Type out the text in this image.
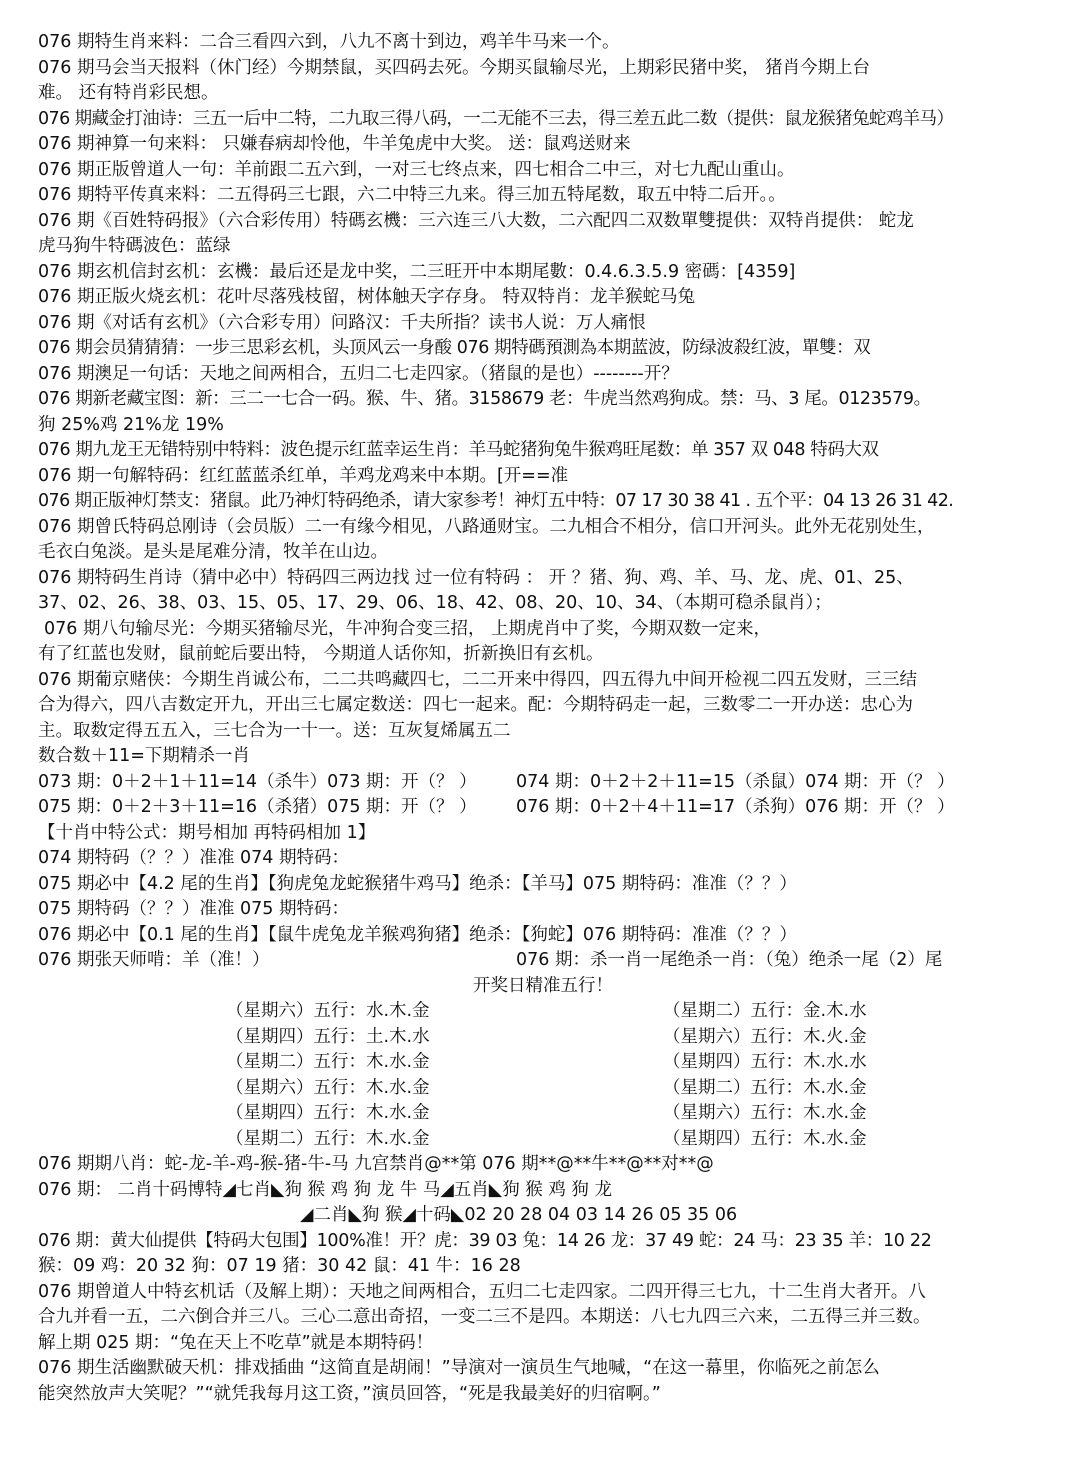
076 期特生肖来料：二合三看四六到，八九不离十到边，鸡羊牛马来一个。
076 期马会当天报料（休门经）今期禁鼠，买四码去死。今期买鼠输尽光，上期彩民猪中奖， 猪肖今期上台
难。 还有特肖彩民想。
076 期藏金打油诗：三五一后中二特，二九取三得八码，一二无能不三去，得三差五此二数（提供：鼠龙猴猪兔蛇鸡羊马）
076 期神算一句来料： 只嫌春病却怜他，牛羊兔虎中大奖。 送：鼠鸡送财来
076 期正版曾道人一句：羊前跟二五六到，一对三七终点来，四七相合二中三，对七九配山重山。
076 期特平传真来料：二五得码三七跟，六二中特三九来。得三加五特尾数，取五中特二后开。。
076 期《百姓特码报》（六合彩传用）特碼玄機：三六连三八大数，二六配四二双数單雙提供：双特肖提供： 蛇龙
虎马狗牛特碼波色：蓝绿
076 期玄机信封玄机：玄機：最后还是龙中奖，二三旺开中本期尾數：0.4.6.3.5.9 密碼：[4359]
076 期正版火烧玄机：花叶尽落残枝留，树体触天字存身。 特双特肖：龙羊猴蛇马兔
076 期《对话有玄机》（六合彩专用）问路汉：千夫所指？读书人说：万人痛恨
076 期会员猜猜猜：一步三思彩玄机，头顶风云一身酸 076 期特碼預測為本期蓝波，防绿波殺红波，單雙：双
076 期澳足一句话：天地之间两相合，五归二七走四家。（猪鼠的是也）--------开？
076 期新老藏宝图：新：三二一七合一码。猴、牛、猪。3158679 老：牛虎当然鸡狗成。禁：马、3 尾。0123579。
狗 25%鸡 21%龙 19%
076 期九龙王无错特别中特料：波色提示红蓝幸运生肖：羊马蛇猪狗兔牛猴鸡旺尾数：单 357 双 048 特码大双
076 期一句解特码：红红蓝蓝杀红单，羊鸡龙鸡来中本期。[开==准
076 期正版神灯禁支：猪鼠。此乃神灯特码绝杀，请大家参考！神灯五中特：07 17 30 38 41 . 五个平：04 13 26 31 42.
076 期曾氏特码总刚诗（会员版）二一有缘今相见，八路通财宝。二九相合不相分，信口开河头。此外无花别处生，
毛衣白兔淡。是头是尾难分清，牧羊在山边。
076 期特码生肖诗（猜中必中）特码四三两边找 过一位有特码 ： 开 ？猪、狗、鸡、羊、马、龙、虎、01、25、
37、02、26、38、03、15、05、17、29、06、18、42、08、20、10、34、（本期可稳杀鼠肖）；
076 期八句输尽光：今期买猪输尽光，牛冲狗合变三招， 上期虎肖中了奖，今期双数一定来，
有了红蓝也发财，鼠前蛇后要出特， 今期道人话你知，折新换旧有玄机。
076 期葡京赌侠：今期生肖诚公布，二二共鸣藏四七，二二开来中得四，四五得九中间开检视二四五发财，三三结
合为得六，四八吉数定开九，开出三七属定数送：四七一起来。配：今期特码走一起，三数零二一开办送：忠心为
主。取数定得五五入，三七合为一十一。送：互灰复烯属五二
数合数＋11=下期精杀一肖
073 期：0＋2＋1＋11=14（杀牛）073 期：开（？ ）	074 期：0＋2＋2＋11=15（杀鼠）074 期：开（？ ）
075 期：0＋2＋3＋11=16（杀猪）075 期：开（？ ）	076 期：0＋2＋4＋11=17（杀狗）076 期：开（？ ）
【十肖中特公式：期号相加 再特码相加 1】
074 期特码（？？）准准 074 期特码：
075 期必中【4.2 尾的生肖】【狗虎兔龙蛇猴猪牛鸡马】绝杀：【羊马】075 期特码：准准（？？）
075 期特码（？？）准准 075 期特码：
076 期必中【0.1 尾的生肖】【鼠牛虎兔龙羊猴鸡狗猪】绝杀：【狗蛇】076 期特码：准准（？？）
076 期张天师啃：羊（准！）	076 期：杀一肖一尾绝杀一肖：（兔）绝杀一尾（2）尾
开奖日精准五行！
（星期六）五行：水.木.金	（星期二）五行：金.木.水
（星期四）五行：土.木.水	（星期六）五行：木.火.金
（星期二）五行：木.水.金	（星期四）五行：木.水.水
（星期六）五行：木.水.金	（星期二）五行：木.水.金
（星期四）五行：木.水.金	（星期六）五行：木.水.金
（星期二）五行：木.水.金	（星期四）五行：木.水.金
076 期期八肖：蛇-龙-羊-鸡-猴-猪-牛-马 九宫禁肖@**第 076 期**@**牛**@**对**@
076 期： 二肖十码博特◢七肖◣狗 猴 鸡 狗 龙 牛 马◢五肖◣狗 猴 鸡 狗 龙
◢二肖◣狗 猴◢十码◣02 20 28 04 03 14 26 05 35 06
076 期：黄大仙提供【特码大包围】100%准！开？虎：39 03 兔：14 26 龙：37 49 蛇：24 马：23 35 羊：10 22
猴：09 鸡：20 32 狗：07 19 猪：30 42 鼠：41 牛：16 28
076 期曾道人中特玄机话（及解上期）：天地之间两相合，五归二七走四家。二四开得三七九，十二生肖大者开。八
合九并看一五，二六倒合并三八。三心二意出奇招，一变二三不是四。本期送：八七九四三六来，二五得三并三数。
解上期 025 期：“兔在天上不吃草”就是本期特码！
076 期生活幽默破天机：排戏插曲 “这简直是胡闹！”导演对一演员生气地喊，“在这一幕里，你临死之前怎么
能突然放声大笑呢？”“就凭我每月这工资，”演员回答，“死是我最美好的归宿啊。”
